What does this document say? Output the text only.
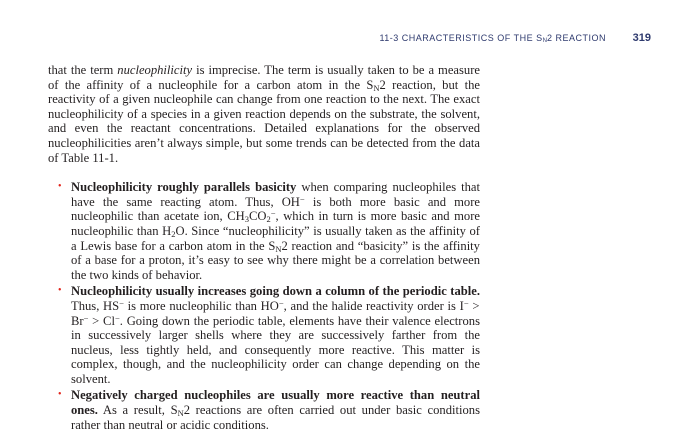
11-3 CHARACTERISTICS OF THE SN2 REACTION 319

that the term nucleophilicity is imprecise. The term is usually taken to be a measure of the affinity of a nucleophile for a carbon atom in the $S_N2$ reaction, but the reactivity of a given nucleophile can change from one reaction to the next. The exact nucleophilicity of a species in a given reaction depends on the substrate, the solvent, and even the reactant concentrations. Detailed explanations for the observed nucleophilicities aren’t always simple, but some trends can be detected from the data of Table 11-1.

• Nucleophilicity roughly parallels basicity when comparing nucleophiles that have the same reacting atom. Thus, OH− is both more basic and more nucleophilic than acetate ion, $CH_3CO_2^-$, which in turn is more basic and more nucleophilic than $H_2O$. Since “nucleophilicity” is usually taken as the affinity of a Lewis base for a carbon atom in the $S_N2$ reaction and “basicity” is the affinity of a base for a proton, it’s easy to see why there might be a correlation between the two kinds of behavior.
• Nucleophilicity usually increases going down a column of the periodic table. Thus, HS− is more nucleophilic than HO−, and the halide reactivity order is I− > Br− > Cl−. Going down the periodic table, elements have their valence electrons in successively larger shells where they are successively farther from the nucleus, less tightly held, and consequently more reactive. This matter is complex, though, and the nucleophilicity order can change depending on the solvent.
• Negatively charged nucleophiles are usually more reactive than neutral ones. As a result, $S_N2$ reactions are often carried out under basic conditions rather than neutral or acidic conditions.
